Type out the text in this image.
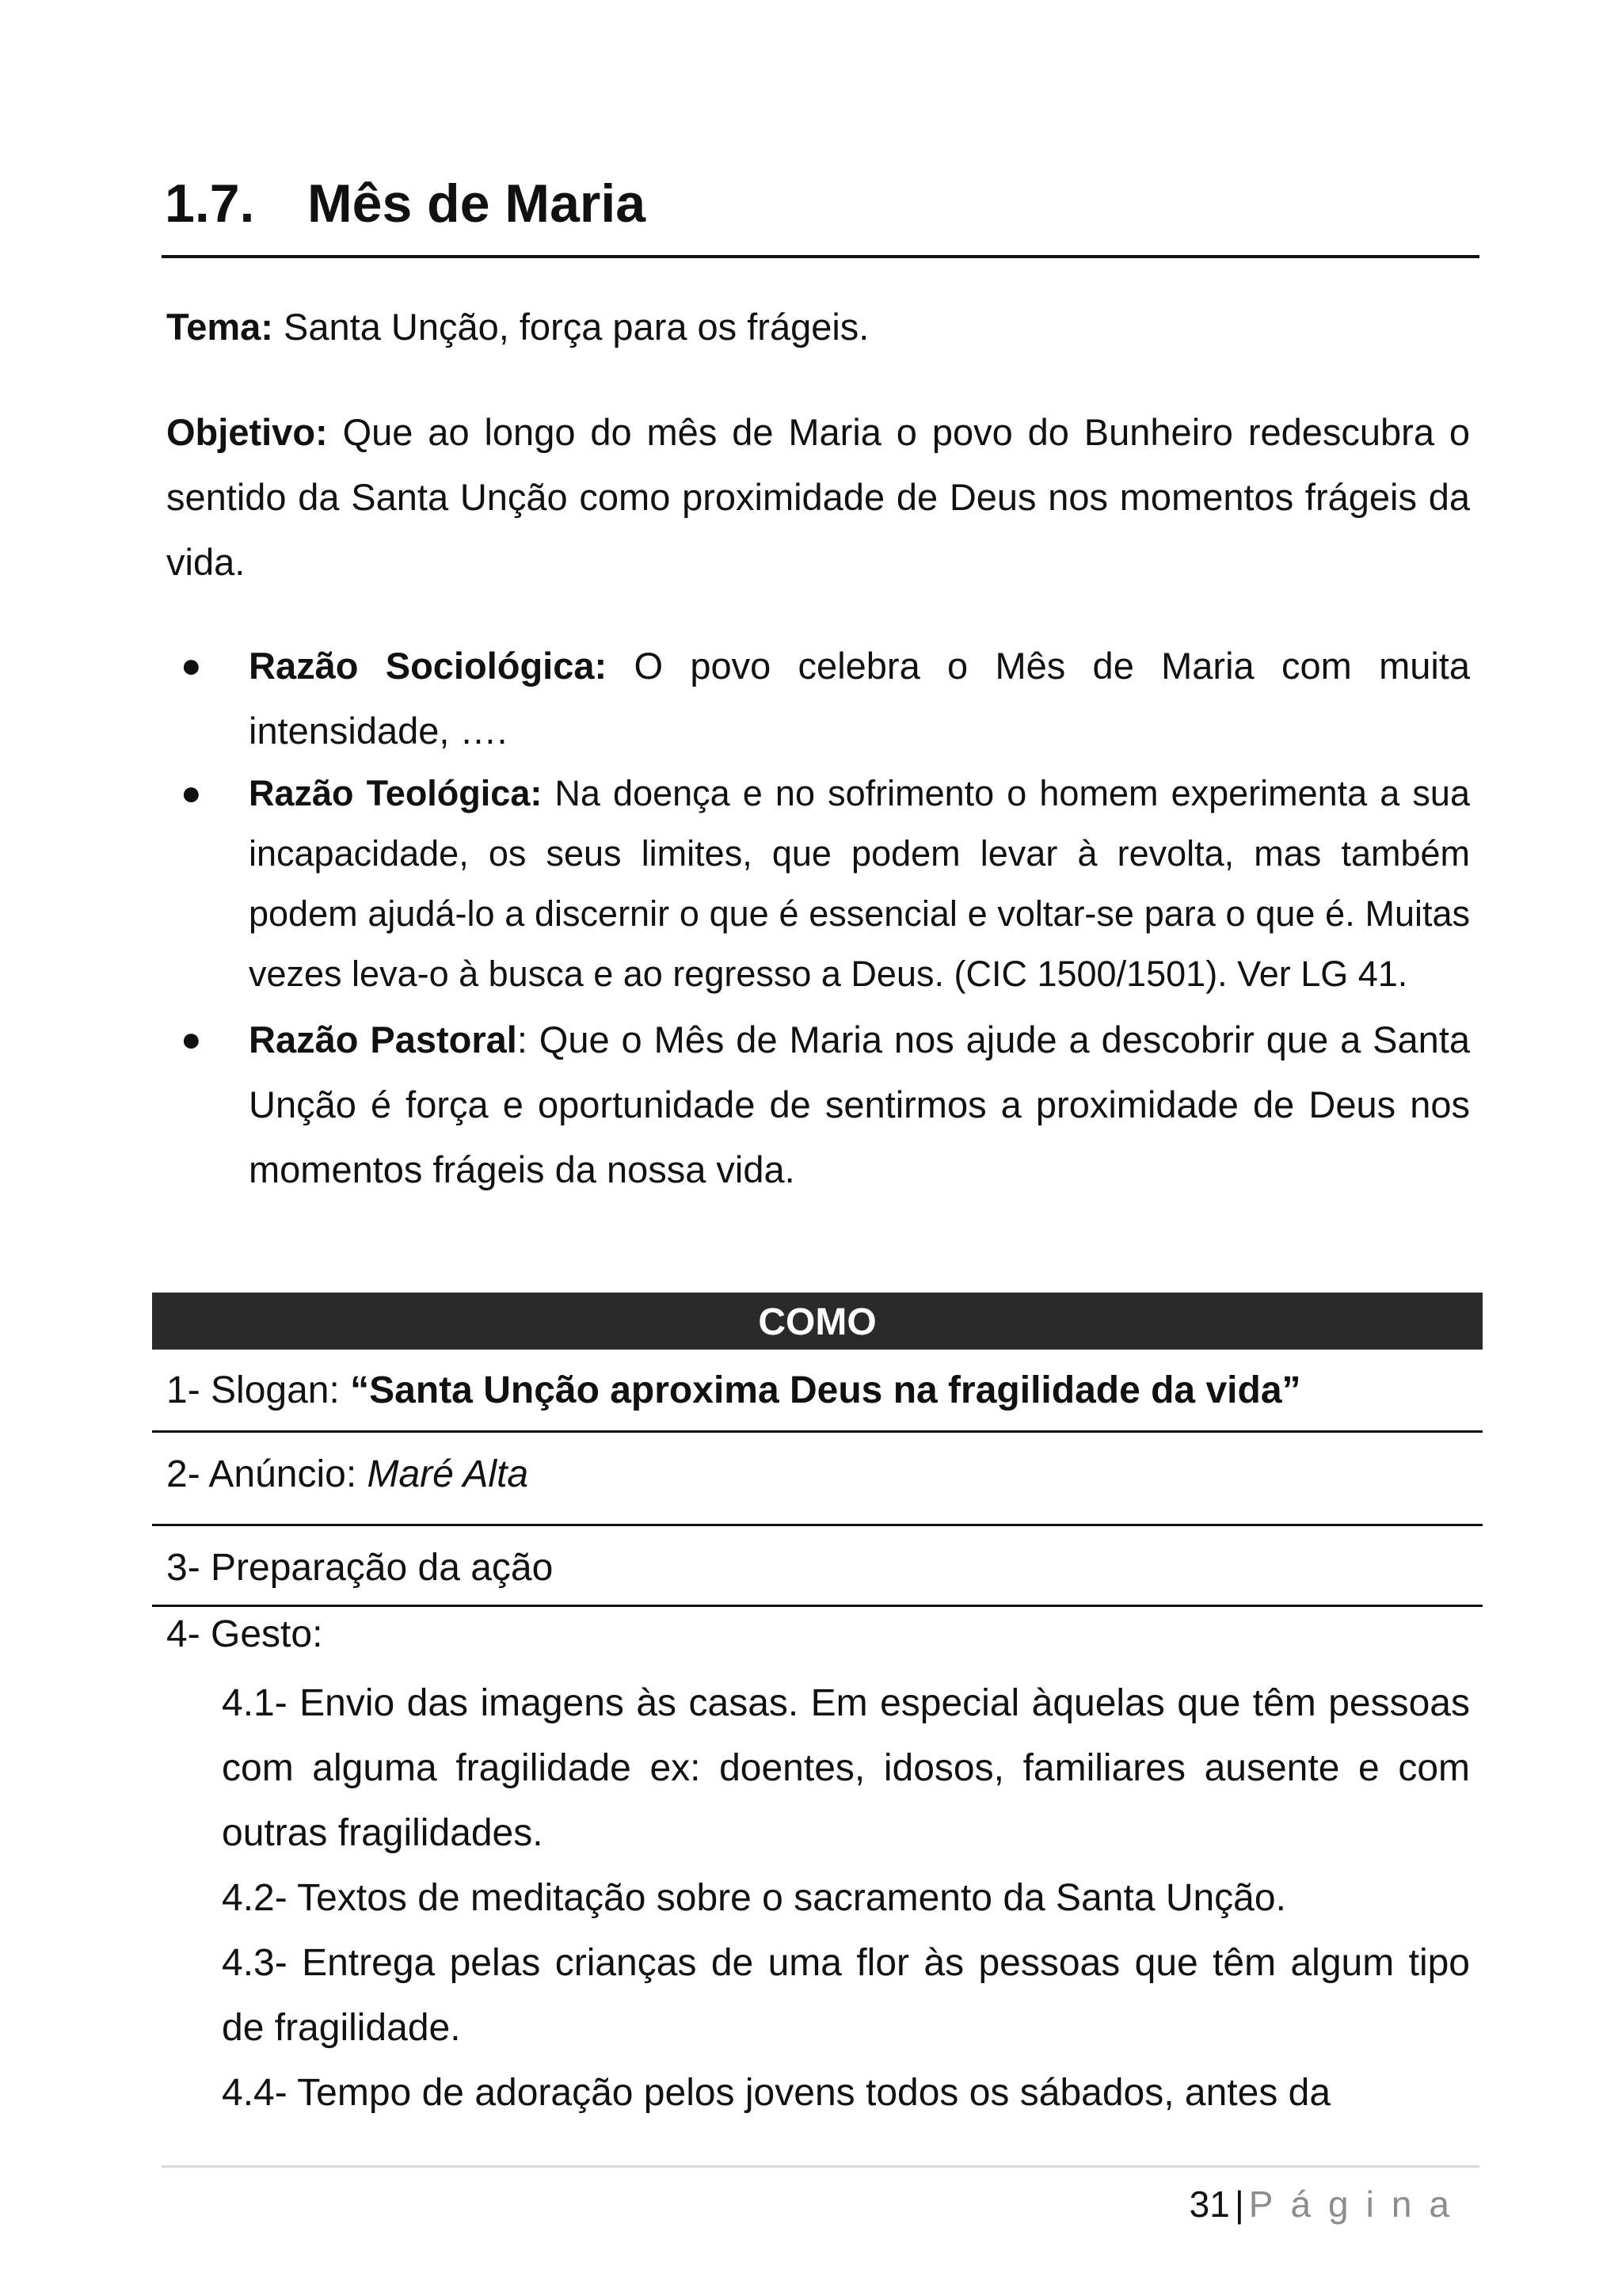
1.7. Mês de Maria

Tema: Santa Unção, força para os frágeis.

Objetivo: Que ao longo do mês de Maria o povo do Bunheiro redescubra o sentido da Santa Unção como proximidade de Deus nos momentos frágeis da vida.

● Razão Sociológica: O povo celebra o Mês de Maria com muita intensidade, ….
● Razão Teológica: Na doença e no sofrimento o homem experimenta a sua incapacidade, os seus limites, que podem levar à revolta, mas também podem ajudá-lo a discernir o que é essencial e voltar-se para o que é. Muitas vezes leva-o à busca e ao regresso a Deus. (CIC 1500/1501). Ver LG 41.
● Razão Pastoral: Que o Mês de Maria nos ajude a descobrir que a Santa Unção é força e oportunidade de sentirmos a proximidade de Deus nos momentos frágeis da nossa vida.
COMO
1- Slogan: “Santa Unção aproxima Deus na fragilidade da vida”
2- Anúncio: Maré Alta
3- Preparação da ação
4- Gesto:
4.1- Envio das imagens às casas. Em especial àquelas que têm pessoas com alguma fragilidade ex: doentes, idosos, familiares ausente e com outras fragilidades.
4.2- Textos de meditação sobre o sacramento da Santa Unção.
4.3- Entrega pelas crianças de uma flor às pessoas que têm algum tipo de fragilidade.
4.4- Tempo de adoração pelos jovens todos os sábados, antes da
31 | Página
